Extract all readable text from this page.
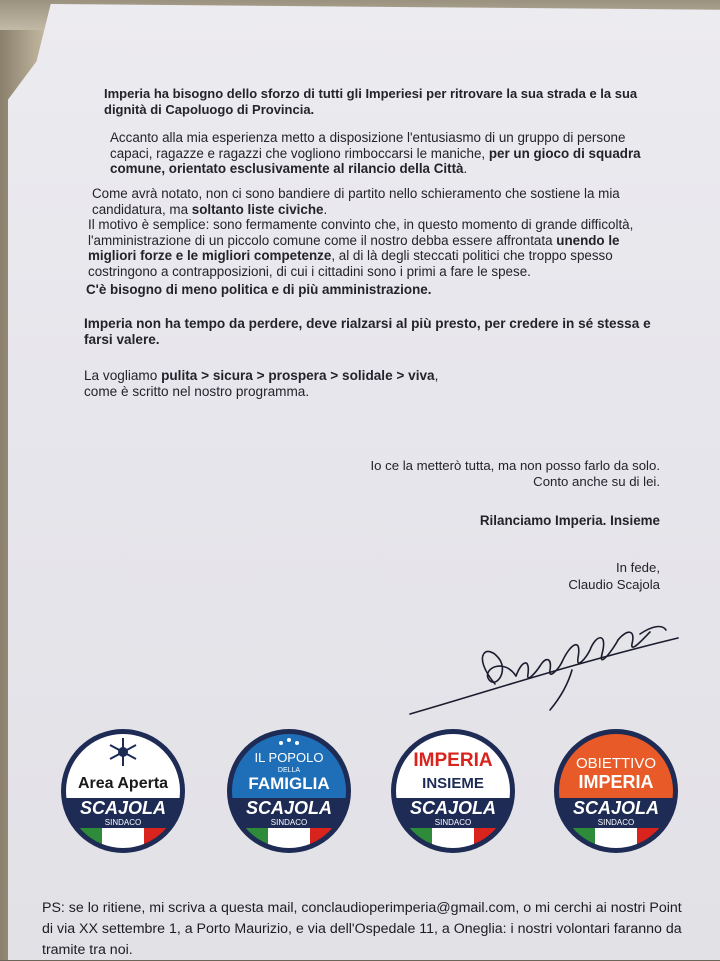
Imperia ha bisogno dello sforzo di tutti gli Imperiesi per ritrovare la sua strada e la sua dignità di Capoluogo di Provincia.

Accanto alla mia esperienza metto a disposizione l'entusiasmo di un gruppo di persone capaci, ragazze e ragazzi che vogliono rimboccarsi le maniche, per un gioco di squadra comune, orientato esclusivamente al rilancio della Città.

Come avrà notato, non ci sono bandiere di partito nello schieramento che sostiene la mia candidatura, ma soltanto liste civiche.

Il motivo è semplice: sono fermamente convinto che, in questo momento di grande difficoltà, l'amministrazione di un piccolo comune come il nostro debba essere affrontata unendo le migliori forze e le migliori competenze, al di là degli steccati politici che troppo spesso costringono a contrapposizioni, di cui i cittadini sono i primi a fare le spese.

C'è bisogno di meno politica e di più amministrazione.

Imperia non ha tempo da perdere, deve rialzarsi al più presto, per credere in sé stessa e farsi valere.

La vogliamo pulita > sicura > prospera > solidale > viva,
come è scritto nel nostro programma.

Io ce la metterò tutta, ma non posso farlo da solo.

Conto anche su di lei.

Rilanciamo Imperia. Insieme

In fede,

Claudio Scajola

Area Aperta
SCAJOLA
SINDACO
IL POPOLO
DELLA
FAMIGLIA
SCAJOLA
SINDACO
IMPERIA
INSIEME
SCAJOLA
SINDACO
OBIETTIVO
IMPERIA
SCAJOLA
SINDACO

PS: se lo ritiene, mi scriva a questa mail, conclaudioperimperia@gmail.com, o mi cerchi ai nostri Point di via XX settembre 1, a Porto Maurizio, e via dell'Ospedale 11, a Oneglia: i nostri volontari faranno da tramite tra noi.
